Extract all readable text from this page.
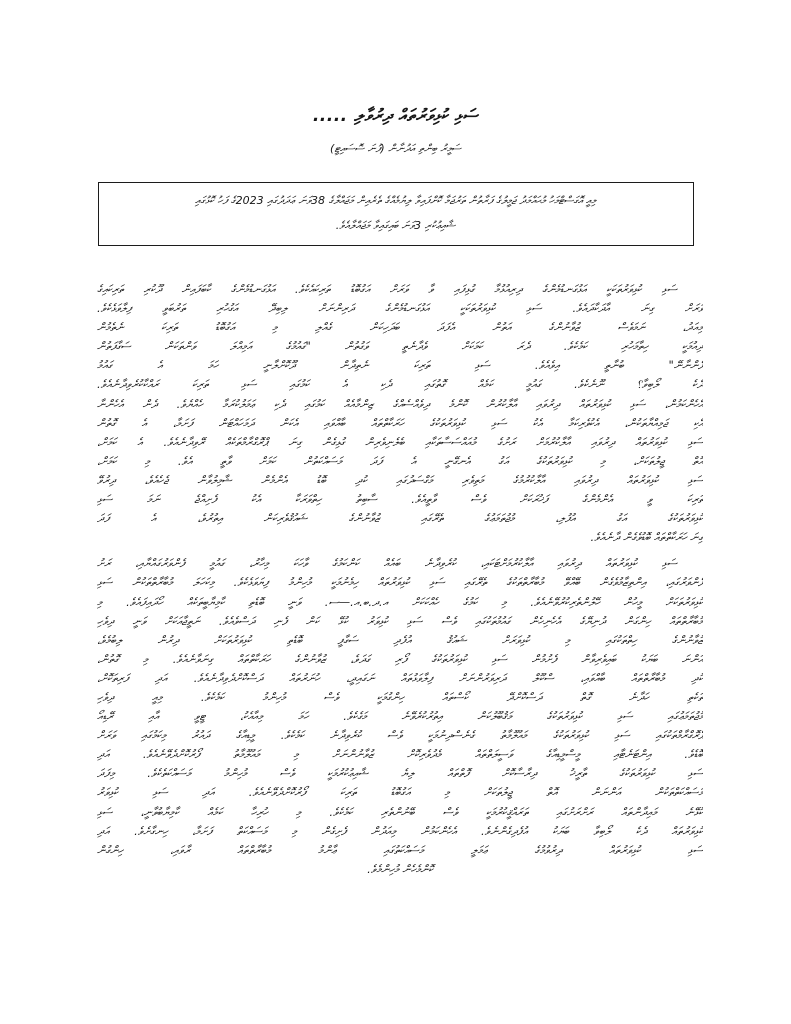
ސަޅި ކުޅިވަރުތައް ދިރުވާލި .....
ސަމީރު ބިންތި އަދުނާން (ފުނަ ސޮސައިޓީ)
މިއީ އޮގަސްޓްމަހު މުޙައްމަދު ޖަމީލުގެ ފަރާތުން ތަރުޖަމާ ކޮށްފައިވާ ލިޔުމެއްގެ ތެރެއިން މަޖައްލާގެ 38ވަނަ ޢަދަދުގައި 2023ގެ ފަހު ކޮޅުގައި
ޝާއިޢުކުރި 3ވަނަ ބައިގައިވާ މަޖައްލާއެވެ.
ސަޅި ކުޅިވަރުތަކަކީ އަޅުގަނޑުމެންގެ ދިރިއުޅުމާ ގުޅިފައި ވާ ވަރަށް އަގުބޮޑު ތަރިކައެކެވެ. އަޅުގަނޑުމެންގެ ކާބަފައިން ދޫކުރި ތަރިކައިގެ
ވަރަށް ގިނަ އާދަކާދައެވެ. ސަޅި ކުޅިވަރުތަކަކީ އަޅުގަނޑުމެންގެ ދަރިންނަށް ލިބިދޭ އަގުހުރި ތަރުބަވީ ފިލާވަޅެކެވެ.
މިއަދު، ނަމަވެސް ޒުވާނުންގެ އަތުން އެފަދަ ބަދަހިކަން ގެއްލި މި އަގުބޮޑު ތަރިކަ ނެތެމުން
ދިއުމަކީ ހިތާމަހުރި ކަމެކެވެ. ދެރަ ކަމަކަށް ވެދާނެތީ ވަގުތުން "ގައުމުގެ އަމިއްލަ ވަންތަކަން ސަގާފަތުން
ފެންނާނޭ" ބުނާތީ އިވެއެވެ. ސަޅި ތަރިކަ ނެތިދާން ދޫކޮށްލާނީ ހަމަ އެ ގައުމު
ދެކެ ލޯބިވާ؟ ނޫނެކެވެ. ގައުމީ ކަމެއް ގޮތުގައި ދެކި އެ ކަމުގައި ސަޅި ތަރިކަ ރައްކާކުރެވިދާނެއެވެ.
އެހެންކަމުން، ސަޅި ކުޅިވަރުތައް ދިރުވައި އާލާކުރުން ކޮންމެ ދިވެއްސެއްގެ ޒިންމާއެއް ކަމުގައި ދެކި ޢަމަލުކުރަމާ ހެއްޔެވެ. ދެން އެހެންނާ
އެކި ޖަމިއްޔާތަކުން، އެކުވެރިކަމާ އެކު ސަޅި ކުޅިވަރުތަކުގެ ހަރަކާތްތައް ބާއްވައި އެކަން ދަމަހައްޓަން ފަށަމާ، އެ ގޮތުން
ސަޅި ކުޅިވަރުތައް ދިރުވައި އާލާކުރުމަށް ރަށުގެ މުއައްސަސާތަކާއި ބެލެނިވެރިން ގުޅިގެން ގިނަ ޕްރޮގްރާމްތަކެއް ރޭވިދާނެއެވެ. އެ ކަމަށް،
އޮތް ޖީލުތަކަށް، މި ކުޅިވަރުތަކުގެ އަގު އެނގޭނީ އެ ފަދަ މަސައްކަތުން ކަމަށް ވާތީ އެވެ. މި ކަމަށް،
ސަޅި ކުޅިވަރުތައް ދިރުވައި އާލާކުރުމުގެ މަތިވެރި މަގްސަދުގައި ކުދި ބޮޑު އެންމެން ޝާމިލުވާން ޖެހެއެވެ، ދިރުވޭ
ތަރިކަ ވީ އެންމެންގެ ފަޚުރަކަށް ވެސް ވާތީއެވެ. ސާބިތު ހިތްވަރަކާ އެކު ފެށިއްޖެ ނަމަ ސަޅި
ކުޅިވަރުތަކުގެ އަގު އުފުލި، މުޖުތަމަޢުގެ ތެރޭގައި ޒުވާނުންގެ ޝައުޤުވެރިކަން އިތުރުވެ، އެ ފަދަ
ގިނަ ހަރަކާތްތައް ބޮޑުވެގެން ދާނެއެވެ.
ސަޅި ކުޅިވަރުތައް ދިރުވައި އާލާކުރުމަށްޓަކައި، ކުރެވިދާނެ ބައެއް ކަންކަމުގެ ވާހަކަ މިހާރު، ގައުމީ ފެންވަރުގައްޔާއި، ރަށު
ފެންވަރުގައި، އިންތިޒާމުވެގެން ބޭއްވޭ މުބާރާތްތަކުގެ ތެރޭގައި ސަޅި ކުޅިވަރުތައް ހިމެނުމަކީ މުހިންމު ފިޔަވަޅެކެވެ. މިކަހަލަ މުބާރާތްތަކުން ސަޅި
ކުޅިވަރުތަކަށް މީހުން ހޭލުންތެރިކުރުވޭނެއެވެ. މި ކަމުގެ ހެއްކަކަށް އ.ދ.ބ.އ.—ސ. ވަނީ ބޮޑެތި ކާމިޔާބީތަކެއް ހޯދައިފައެވެ. މި
މުބާރާތްތައް ހިންގަން ދުނިޔޭގެ އެހެނިހެން ގައުމުތަކުގައި ވެސް ސަޅި ކުޅިވަރު ކުޅޭ ކަން ފެނި ދަސްވެއެވެ. ނަތީޖާއަކަށް ވަނީ ދިވެހި
ޒުވާނުންގެ ހިތްތަކުގައި މި ކުޅިވަރަށް ޝައުޤު އުފެދި ސަގާފީ ބޮޑެތި ކުޅިވަރުތަކަށް ދިރުން ލިބުމެވެ،
އަންނަ ބަޔަކު ބައިވެރިވާން ފެށުމުން ސަޅި ކުޅިވަރުތަކުގެ ފޯރި ގަދަވެ، ޒުވާނުންގެ ހަރަކާތްތައް ގިނަވާނެއެވެ. މި ގޮތުން،
ކުދި މުބާރާތްތައް ބާއްވައި، ސްކޫލް ދަރިވަރުންނަށް ފިލާވަޅުތައް ނަގައިދީ، ހުނަރުތައް ދަސްކޮށްދެވިދާނެއެވެ. އަދި ފަރިތަކޮށް،
ތަކެތި ހަދާނެ ގޮތް ދަސްކޮށްދޭ ކޯސްތައް ހިންގުމަކީ ވެސް މުހިންމު ކަމެކެވެ. މިއީ ދިވެހި
މުޖުތަމަޢުގައި ސަޅި ކުޅިވަރުތަކުގެ މަޤުބޫލުކަން އިތުރުކުރެވޭނެ މަގެކެވެ. ހަމަ މިއާއެކު، ޓީވީ އާއި ރޭޑިއޯ
ޕްރޮގްރާމްތަކުގައި ސަޅި ކުޅިވަރުތަކުގެ މައުލޫމާތު ގެނެސްދިނުމަކީ ވެސް ކުރެވިދާނެ ކަމެކެވެ. މީޑިއާގެ ދައުރު މިކަމުގައި ވަރަށް
ބޮޑެވެ. އިންޓަނެޓާއި މީސްމީޑިއާގެ ވަސީލަތްތައް މެދުވެރިކޮށް ޒުވާނުންނަށް މި މައުލޫމާތު ފޯރުކޮށްދެވޭނެއެވެ. އަދި
ސަޅި ކުޅިވަރުތަކުގެ ތާރީޚު ދިރާސާކޮށް ފޮތްތައް ލިޔެ ޝާއިޢުކުރުމަކީ ވެސް މުހިންމު މަސައްކަތެކެވެ. މިފަދަ
މަސައްކަތްތަކުން އަންނަން އޮތް ޖީލުތަކަށް މި އަގުބޮޑު ތަރިކަ ފޯރުކޮށްދެވޭނެއެވެ. އަދި ސަޅި ކުޅިވަރު
ކުޅޭނެ މައިދާންތައް ރަށްރަށުގައި ތަރައްޤީކުރުމަކީ ވެސް ބޭނުންތެރި ކަމެކެވެ. މި ހުރިހާ ކަމެއް ކާމިޔާބުވާނީ، ސަޅި
ކުޅިވަރުތައް ދެކެ ލޯބިވާ ބަޔަކު އުފެދިގެންނެވެ. އެހެންކަމުން މިއަދުން ފެށިގެން މި މަސައްކަތް ފަށަމާ، ހިނގާށެވެ. އަދި
ސަޅި ކުޅިވަރުތައް ދިރުވުމުގެ ޢަމަލީ މަސައްކަތުގައި ޢާންމު މުބާރާތްތައް ރާވައި، ހިންގުން
ކޮންމެހެން މުހިންމެވެ.
